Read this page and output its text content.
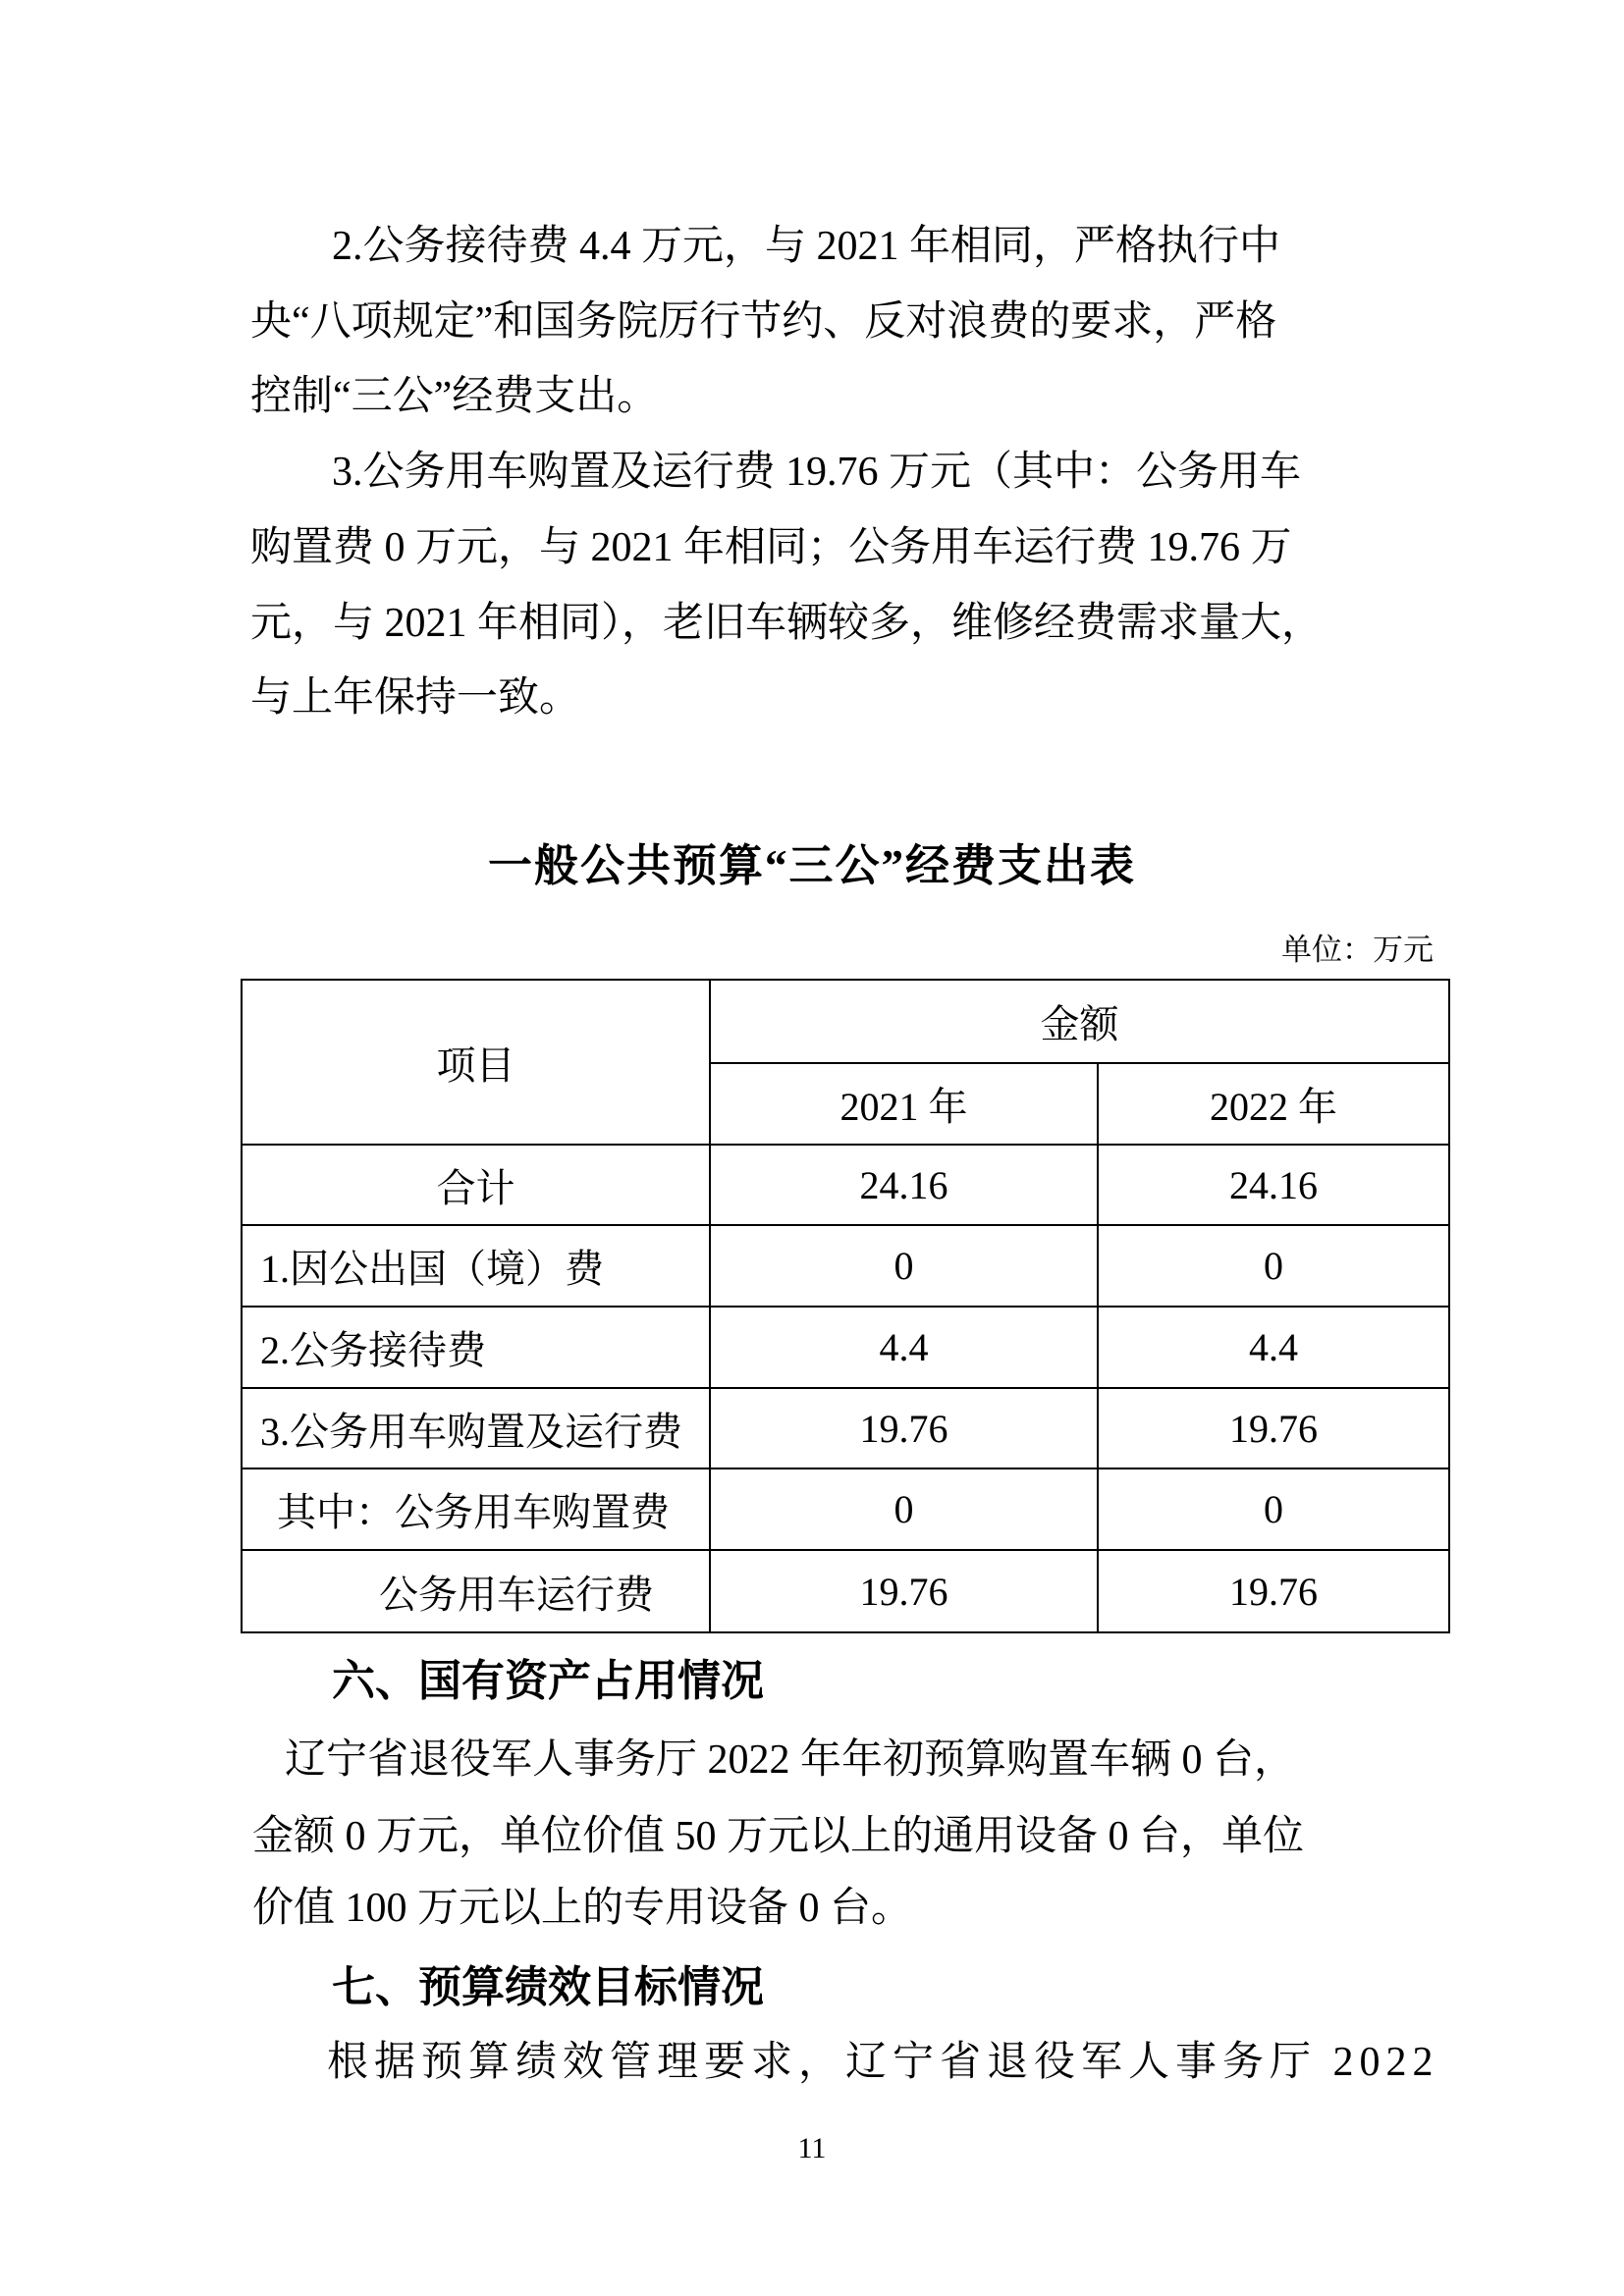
2.公务接待费 4.4 万元，与 2021 年相同，严格执行中
央“八项规定”和国务院厉行节约、反对浪费的要求，严格
控制“三公”经费支出。
3.公务用车购置及运行费 19.76 万元（其中：公务用车
购置费 0 万元，与 2021 年相同；公务用车运行费 19.76 万
元，与 2021 年相同），老旧车辆较多，维修经费需求量大，
与上年保持一致。
一般公共预算“三公”经费支出表
单位：万元
项目	金额	
	2021 年	2022 年
合计	24.16	24.16
1.因公出国（境）费	0	0
2.公务接待费	4.4	4.4
3.公务用车购置及运行费	19.76	19.76
其中：公务用车购置费	0	0
公务用车运行费	19.76	19.76
六、国有资产占用情况
辽宁省退役军人事务厅 2022 年年初预算购置车辆 0 台，
金额 0 万元，单位价值 50 万元以上的通用设备 0 台，单位
价值 100 万元以上的专用设备 0 台。
七、预算绩效目标情况
根据预算绩效管理要求，辽宁省退役军人事务厅 2022
11
